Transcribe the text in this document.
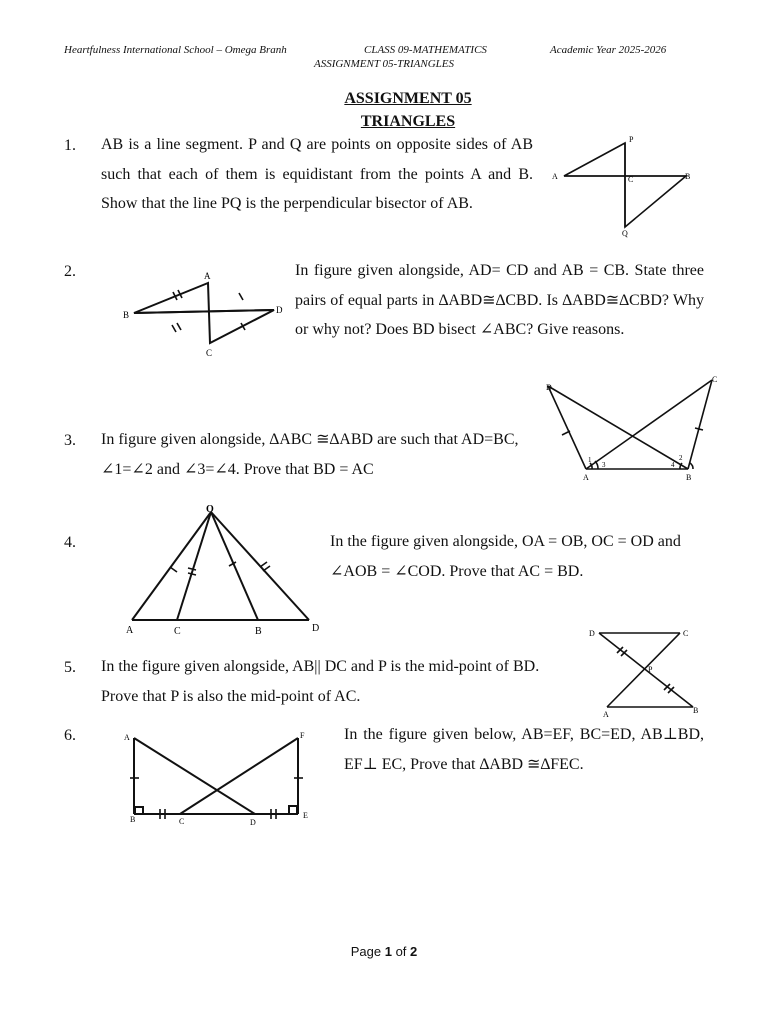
Heartfulness International School – Omega Branh	CLASS 09-MATHEMATICS	Academic Year 2025-2026
ASSIGNMENT 05-TRIANGLES
ASSIGNMENT 05
TRIANGLES
1. AB is a line segment. P and Q are points on opposite sides of AB such that each of them is equidistant from the points A and B. Show that the line PQ is the perpendicular bisector of AB.
P
A	C	B
Q
2.	A
B	D
C
In figure given alongside, AD= CD and AB = CB. State three pairs of equal parts in ∆ABD≅∆CBD. Is ∆ABD≅∆CBD? Why or why not? Does BD bisect ∠ABC? Give reasons.
3. In figure given alongside, ∆ABC ≅∆ABD are such that AD=BC, ∠1=∠2 and ∠3=∠4. Prove that BD = AC
D
C
1
3	4
2
A	B
4.
O
A	C	B	D
In the figure given alongside, OA = OB, OC = OD and ∠AOB = ∠COD. Prove that AC = BD.
5. In the figure given alongside, AB|| DC and P is the mid-point of BD. Prove that P is also the mid-point of AC.
D	C
P
A	B
6.	A	F
B	C	D
E
In the figure given below, AB=EF, BC=ED, AB⊥BD, EF⊥ EC, Prove that ∆ABD ≅∆FEC.
Page 1 of 2
